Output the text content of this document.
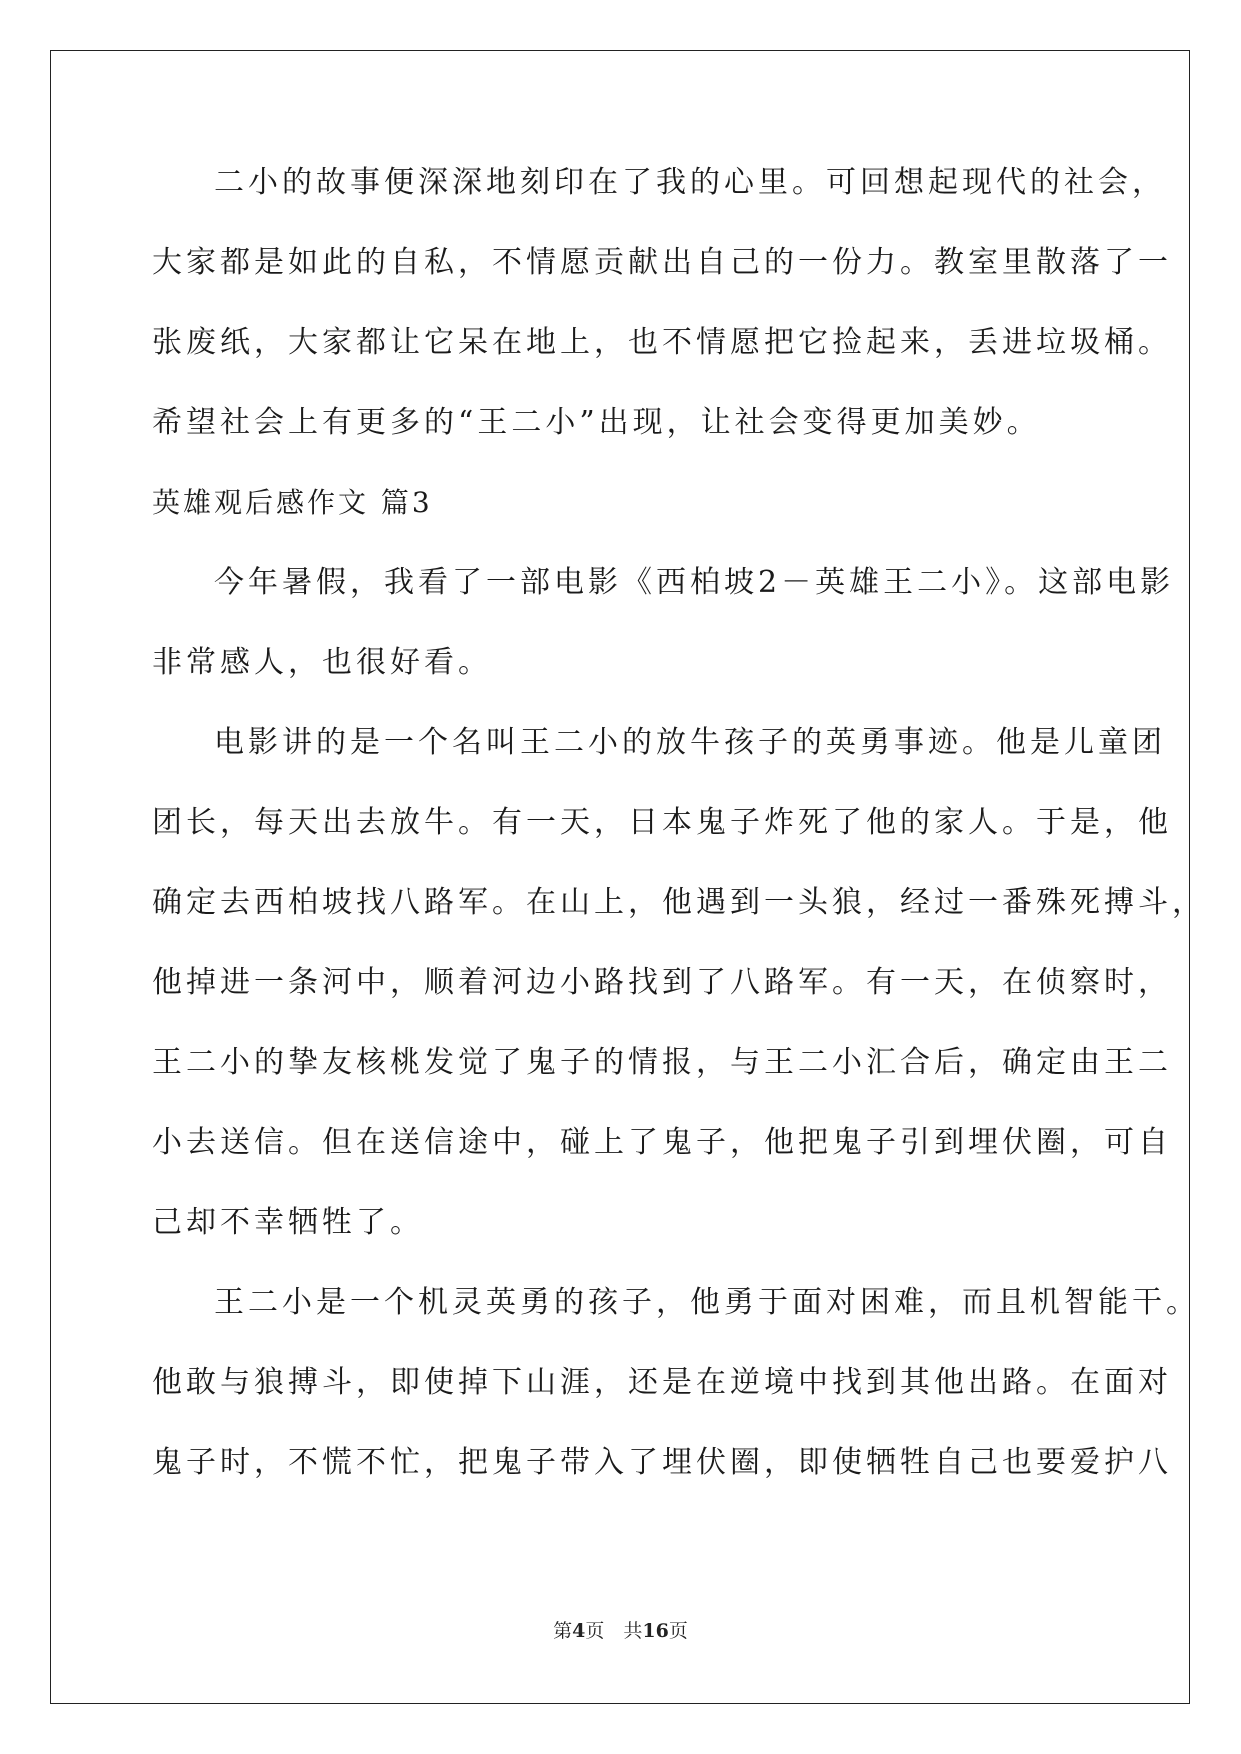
二小的故事便深深地刻印在了我的心里。可回想起现代的社会，
大家都是如此的自私，不情愿贡献出自己的一份力。教室里散落了一
张废纸，大家都让它呆在地上，也不情愿把它捡起来，丢进垃圾桶。
希望社会上有更多的“王二小”出现，让社会变得更加美妙。
英雄观后感作文 篇3
今年暑假，我看了一部电影《西柏坡2－英雄王二小》。这部电影
非常感人，也很好看。
电影讲的是一个名叫王二小的放牛孩子的英勇事迹。他是儿童团
团长，每天出去放牛。有一天，日本鬼子炸死了他的家人。于是，他
确定去西柏坡找八路军。在山上，他遇到一头狼，经过一番殊死搏斗，
他掉进一条河中，顺着河边小路找到了八路军。有一天，在侦察时，
王二小的挚友核桃发觉了鬼子的情报，与王二小汇合后，确定由王二
小去送信。但在送信途中，碰上了鬼子，他把鬼子引到埋伏圈，可自
己却不幸牺牲了。
王二小是一个机灵英勇的孩子，他勇于面对困难，而且机智能干。
他敢与狼搏斗，即使掉下山涯，还是在逆境中找到其他出路。在面对
鬼子时，不慌不忙，把鬼子带入了埋伏圈，即使牺牲自己也要爱护八
第4页　共16页
